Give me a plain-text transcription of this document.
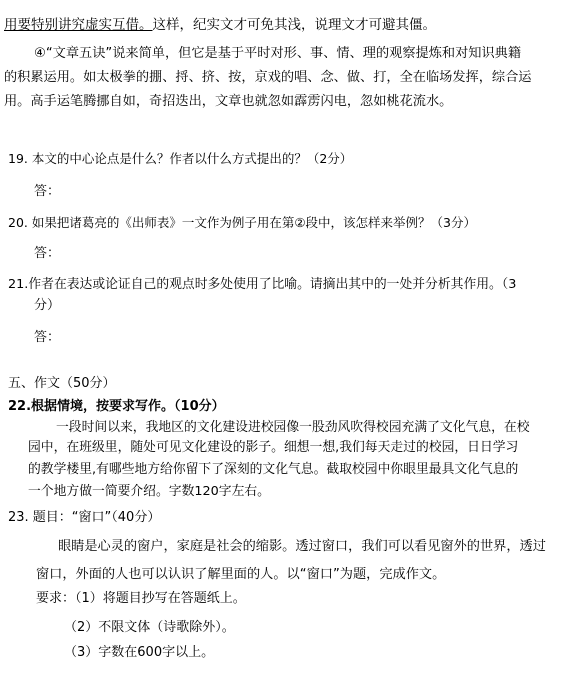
用要特别讲究虚实互借。这样，纪实文才可免其浅，说理文才可避其僵。
④“文章五诀”说来简单，但它是基于平时对形、事、情、理的观察提炼和对知识典籍
的积累运用。如太极拳的掤、捋、挤、按，京戏的唱、念、做、打，全在临场发挥，综合运
用。高手运笔腾挪自如，奇招迭出，文章也就忽如霹雳闪电，忽如桃花流水。
19. 本文的中心论点是什么？作者以什么方式提出的？（2分）
答：
20. 如果把诸葛亮的《出师表》一文作为例子用在第②段中，该怎样来举例？（3分）
答：
21.作者在表达或论证自己的观点时多处使用了比喻。请摘出其中的一处并分析其作用。（3
分）
答：
五、作文（50分）
22.根据情境，按要求写作。（10分）
一段时间以来，我地区的文化建设进校园像一股劲风吹得校园充满了文化气息，在校
园中，在班级里，随处可见文化建设的影子。细想一想,我们每天走过的校园，日日学习
的教学楼里,有哪些地方给你留下了深刻的文化气息。截取校园中你眼里最具文化气息的
一个地方做一简要介绍。字数120字左右。
23. 题目：“窗口”（40分）
眼睛是心灵的窗户，家庭是社会的缩影。透过窗口，我们可以看见窗外的世界，透过
窗口，外面的人也可以认识了解里面的人。以“窗口”为题，完成作文。
要求：（1）将题目抄写在答题纸上。
（2）不限文体（诗歌除外）。
（3）字数在600字以上。
